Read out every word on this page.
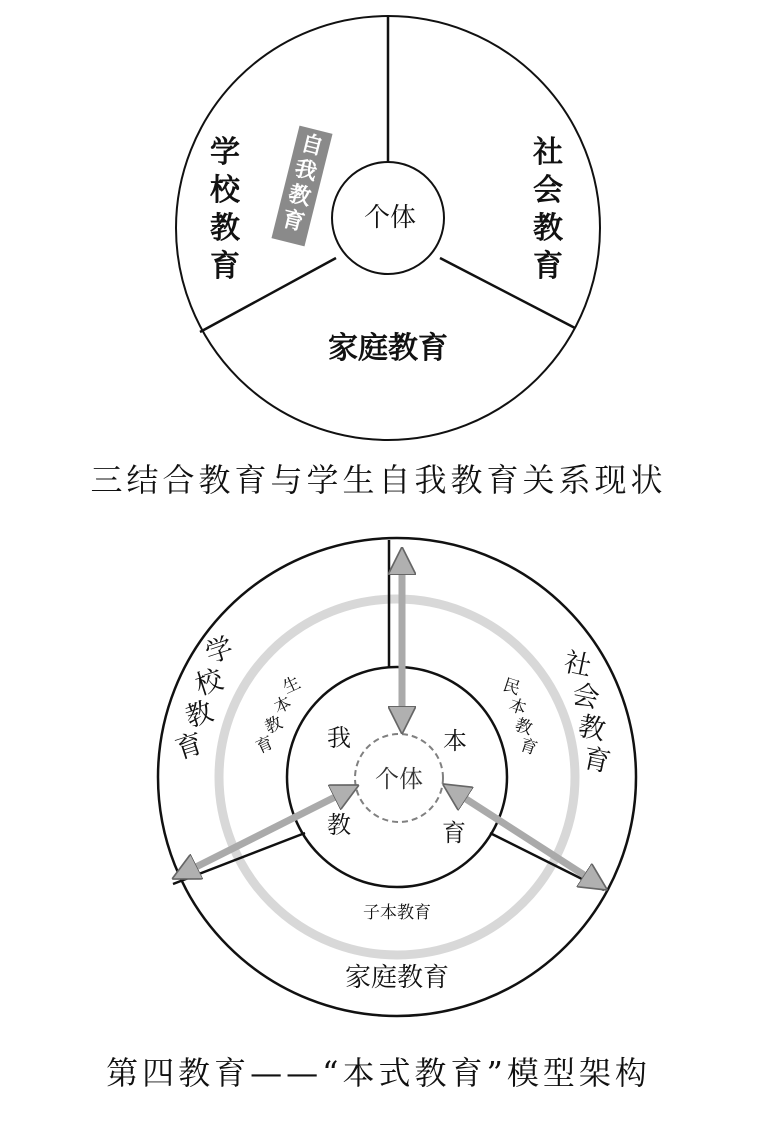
个体
学
校
教
育
社
会
教
育
家庭教育
自
我
教
育
三结合教育与学生自我教育关系现状
个体
学
校
教
育
社
会
教
育
家庭教育
生
本
教
育
民
本
教
育
子本教育
我
教
本
育
第四教育——“本式教育”模型架构
